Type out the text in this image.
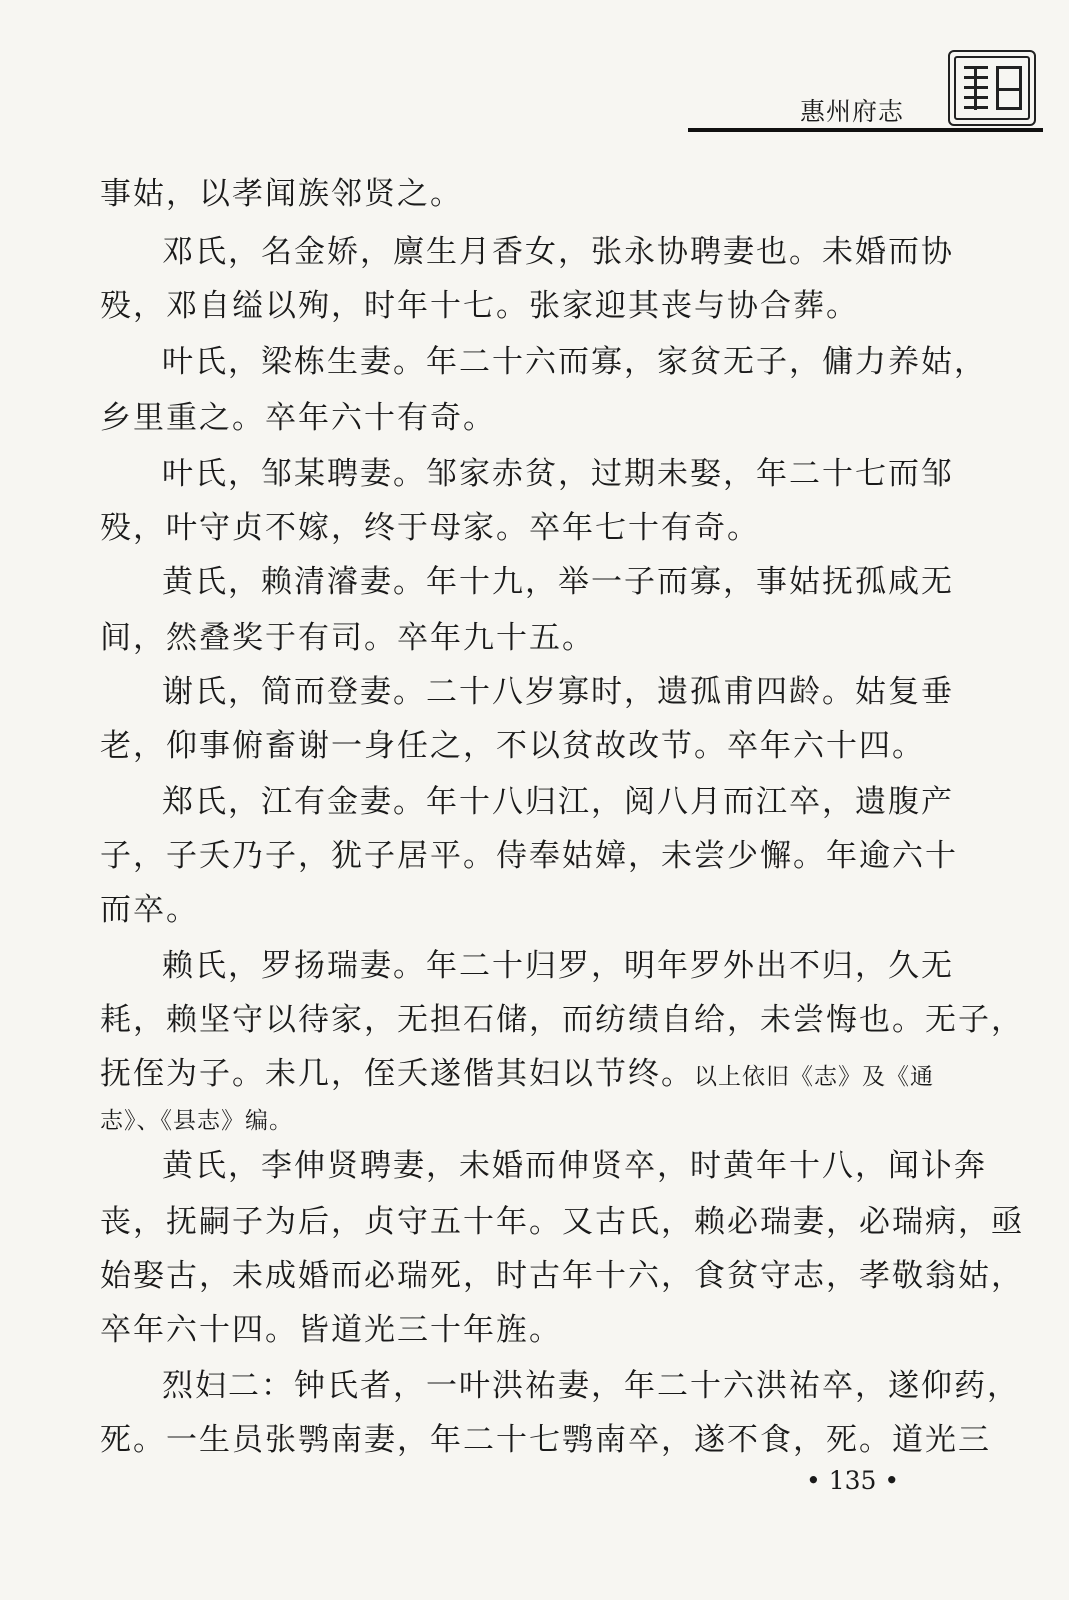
惠州府志
事姑，以孝闻族邻贤之。
邓氏，名金娇，廪生月香女，张永协聘妻也。未婚而协
殁，邓自缢以殉，时年十七。张家迎其丧与协合葬。
叶氏，梁栋生妻。年二十六而寡，家贫无子，傭力养姑，
乡里重之。卒年六十有奇。
叶氏，邹某聘妻。邹家赤贫，过期未娶，年二十七而邹
殁，叶守贞不嫁，终于母家。卒年七十有奇。
黄氏，赖清濬妻。年十九，举一子而寡，事姑抚孤咸无
间，然叠奖于有司。卒年九十五。
谢氏，简而登妻。二十八岁寡时，遗孤甫四龄。姑复垂
老，仰事俯畜谢一身任之，不以贫故改节。卒年六十四。
郑氏，江有金妻。年十八归江，阅八月而江卒，遗腹产
子，子夭乃子，犹子居平。侍奉姑嫜，未尝少懈。年逾六十
而卒。
赖氏，罗扬瑞妻。年二十归罗，明年罗外出不归，久无
耗，赖坚守以待家，无担石储，而纺绩自给，未尝悔也。无子，
抚侄为子。未几，侄夭遂偕其妇以节终。以上依旧《志》及《通
志》、《县志》编。
黄氏，李伸贤聘妻，未婚而伸贤卒，时黄年十八，闻讣奔
丧，抚嗣子为后，贞守五十年。又古氏，赖必瑞妻，必瑞病，亟
始娶古，未成婚而必瑞死，时古年十六，食贫守志，孝敬翁姑，
卒年六十四。皆道光三十年旌。
烈妇二：钟氏者，一叶洪祐妻，年二十六洪祐卒，遂仰药，
死。一生员张鹗南妻，年二十七鹗南卒，遂不食，死。道光三
• 135 •
